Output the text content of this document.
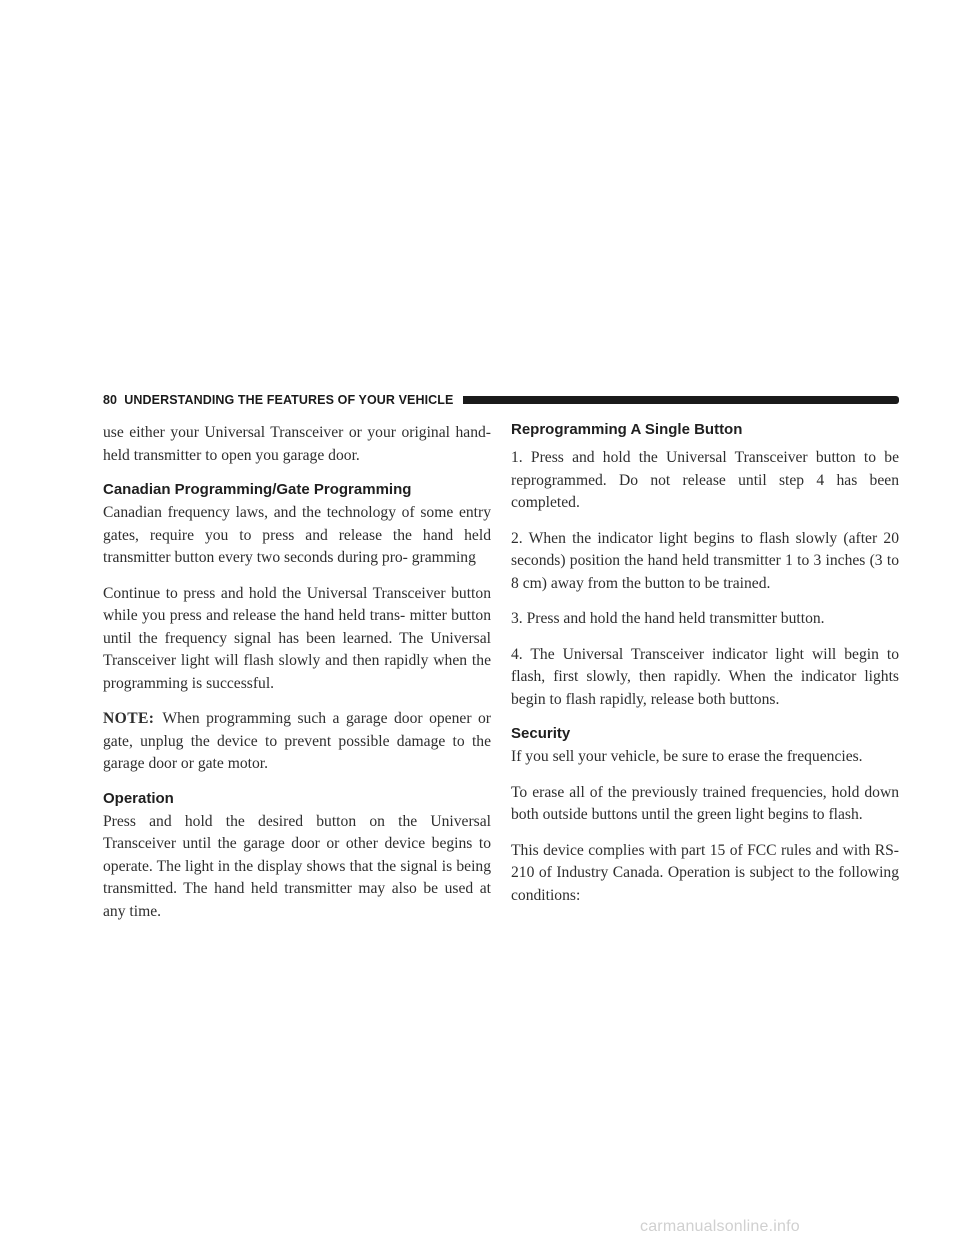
80 UNDERSTANDING THE FEATURES OF YOUR VEHICLE

use either your Universal Transceiver or your original hand-held transmitter to open you garage door.

Canadian Programming/Gate Programming

Canadian frequency laws, and the technology of some entry gates, require you to press and release the hand held transmitter button every two seconds during pro- gramming

Continue to press and hold the Universal Transceiver button while you press and release the hand held trans- mitter button until the frequency signal has been learned. The Universal Transceiver light will flash slowly and then rapidly when the programming is successful.

NOTE: When programming such a garage door opener or gate, unplug the device to prevent possible damage to the garage door or gate motor.

Operation

Press and hold the desired button on the Universal Transceiver until the garage door or other device begins to operate. The light in the display shows that the signal is being transmitted. The hand held transmitter may also be used at any time.

Reprogramming A Single Button

1. Press and hold the Universal Transceiver button to be reprogrammed. Do not release until step 4 has been completed.

2. When the indicator light begins to flash slowly (after 20 seconds) position the hand held transmitter 1 to 3 inches (3 to 8 cm) away from the button to be trained.

3. Press and hold the hand held transmitter button.

4. The Universal Transceiver indicator light will begin to flash, first slowly, then rapidly. When the indicator lights begin to flash rapidly, release both buttons.

Security

If you sell your vehicle, be sure to erase the frequencies.

To erase all of the previously trained frequencies, hold down both outside buttons until the green light begins to flash.

This device complies with part 15 of FCC rules and with RS-210 of Industry Canada. Operation is subject to the following conditions:

carmanualsonline.info
